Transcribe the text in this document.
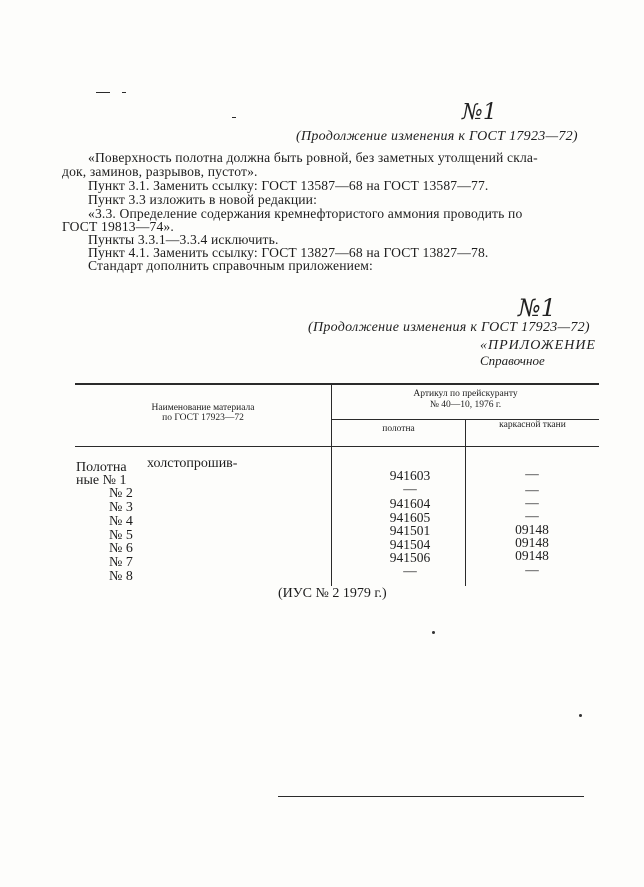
№1
(Продолжение изменения к ГОСТ 17923—72)
«Поверхность полотна должна быть ровной, без заметных утолщений скла-
док, заминов, разрывов, пустот».
Пункт 3.1. Заменить ссылку: ГОСТ 13587—68 на ГОСТ 13587—77.
Пункт 3.3 изложить в новой редакции:
«3.3. Определение содержания кремнефтористого аммония проводить по
ГОСТ 19813—74».
Пункты 3.3.1—3.3.4 исключить.
Пункт 4.1. Заменить ссылку: ГОСТ 13827—68 на ГОСТ 13827—78.
Стандарт дополнить справочным приложением:
№1
(Продолжение изменения к ГОСТ 17923—72)
«ПРИЛОЖЕНИЕ
Справочное
Наименование материала
по ГОСТ 17923—72
Артикул по прейскуранту
№ 40—10, 1976 г.
полотна	каркасной ткани
Полотна холстопрошив-
ные № 1
№ 2
№ 3
№ 4
№ 5
№ 6
№ 7
№ 8
941603
—
941604
941605
941501
941504
941506
—
—
—
—
—
09148
09148
09148
—
(ИУС № 2 1979 г.)
